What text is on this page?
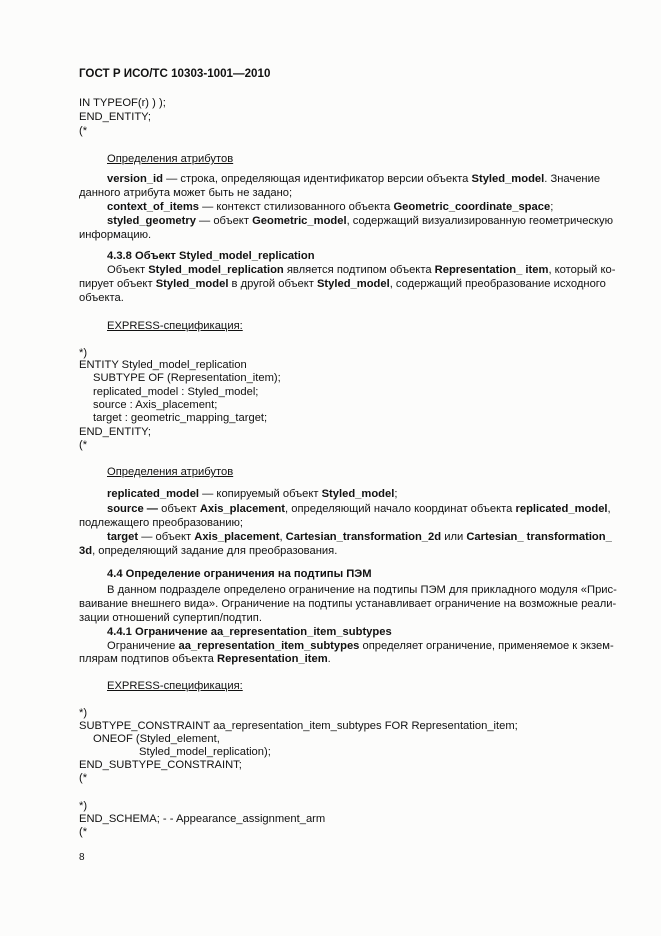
ГОСТ Р ИСО/ТС 10303-1001—2010
IN TYPEOF(r) ) );
END_ENTITY;
(*
Определения атрибутов
version_id — строка, определяющая идентификатор версии объекта Styled_model. Значение
данного атрибута может быть не задано;
context_of_items — контекст стилизованного объекта Geometric_coordinate_space;
styled_geometry — объект Geometric_model, содержащий визуализированную геометрическую
информацию.
4.3.8 Объект Styled_model_replication
Объект Styled_model_replication является подтипом объекта Representation_ item, который ко-
пирует объект Styled_model в другой объект Styled_model, содержащий преобразование исходного
объекта.
EXPRESS-спецификация:
*)
ENTITY Styled_model_replication
SUBTYPE OF (Representation_item);
replicated_model : Styled_model;
source : Axis_placement;
target : geometric_mapping_target;
END_ENTITY;
(*
Определения атрибутов
replicated_model — копируемый объект Styled_model;
source — объект Axis_placement, определяющий начало координат объекта replicated_model,
подлежащего преобразованию;
target — объект Axis_placement, Cartesian_transformation_2d или Cartesian_ transformation_
3d, определяющий задание для преобразования.
4.4 Определение ограничения на подтипы ПЭМ
В данном подразделе определено ограничение на подтипы ПЭМ для прикладного модуля «Прис-
ваивание внешнего вида». Ограничение на подтипы устанавливает ограничение на возможные реали-
зации отношений супертип/подтип.
4.4.1 Ограничение aa_representation_item_subtypes
Ограничение aa_representation_item_subtypes определяет ограничение, применяемое к экзем-
плярам подтипов объекта Representation_item.
EXPRESS-спецификация:
*)
SUBTYPE_CONSTRAINT aa_representation_item_subtypes FOR Representation_item;
ONEOF (Styled_element,
Styled_model_replication);
END_SUBTYPE_CONSTRAINT;
(*
*)
END_SCHEMA; - - Appearance_assignment_arm
(*
8
